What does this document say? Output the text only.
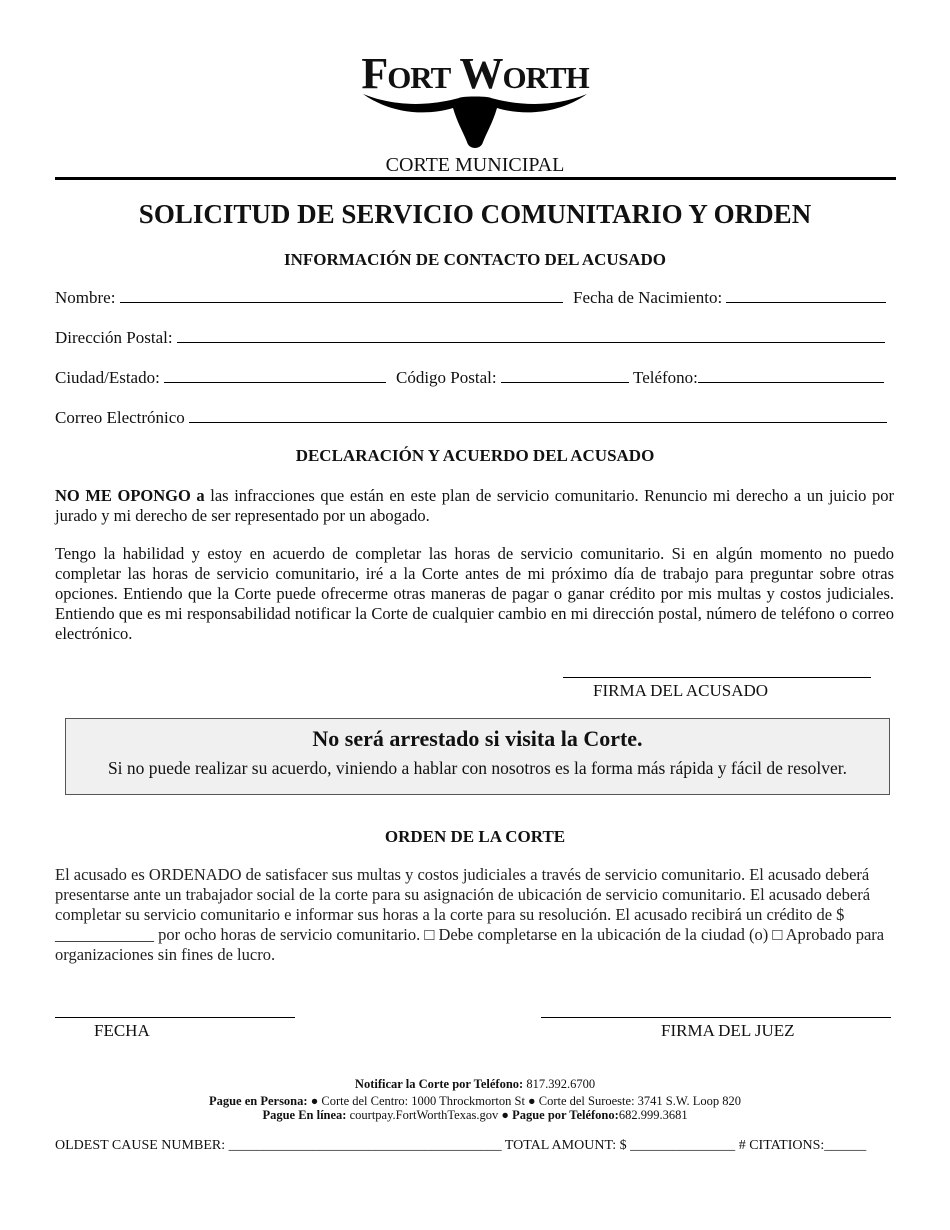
Fort Worth
CORTE MUNICIPAL
SOLICITUD DE SERVICIO COMUNITARIO Y ORDEN
INFORMACIÓN DE CONTACTO DEL ACUSADO
Nombre:	Fecha de Nacimiento:
Dirección Postal:
Ciudad/Estado:	Código Postal:	Teléfono:
Correo Electrónico
DECLARACIÓN Y ACUERDO DEL ACUSADO
NO ME OPONGO a las infracciones que están en este plan de servicio comunitario. Renuncio mi derecho a un juicio por jurado y mi derecho de ser representado por un abogado.
Tengo la habilidad y estoy en acuerdo de completar las horas de servicio comunitario. Si en algún momento no puedo completar las horas de servicio comunitario, iré a la Corte antes de mi próximo día de trabajo para preguntar sobre otras opciones. Entiendo que la Corte puede ofrecerme otras maneras de pagar o ganar crédito por mis multas y costos judiciales. Entiendo que es mi responsabilidad notificar la Corte de cualquier cambio en mi dirección postal, número de teléfono o correo electrónico.
FIRMA DEL ACUSADO
No será arrestado si visita la Corte.
Si no puede realizar su acuerdo, viniendo a hablar con nosotros es la forma más rápida y fácil de resolver.
ORDEN DE LA CORTE
El acusado es ORDENADO de satisfacer sus multas y costos judiciales a través de servicio comunitario. El acusado deberá presentarse ante un trabajador social de la corte para su asignación de ubicación de servicio comunitario. El acusado deberá completar su servicio comunitario e informar sus horas a la corte para su resolución. El acusado recibirá un crédito de $ ____________ por ocho horas de servicio comunitario. □ Debe completarse en la ubicación de la ciudad (o) □ Aprobado para organizaciones sin fines de lucro.
FECHA	FIRMA DEL JUEZ
Notificar la Corte por Teléfono: 817.392.6700
Pague en Persona: ● Corte del Centro: 1000 Throckmorton St ● Corte del Suroeste: 3741 S.W. Loop 820
Pague En línea: courtpay.FortWorthTexas.gov ● Pague por Teléfono:682.999.3681
OLDEST CAUSE NUMBER: _______________________________________ TOTAL AMOUNT: $ _______________ # CITATIONS:______
